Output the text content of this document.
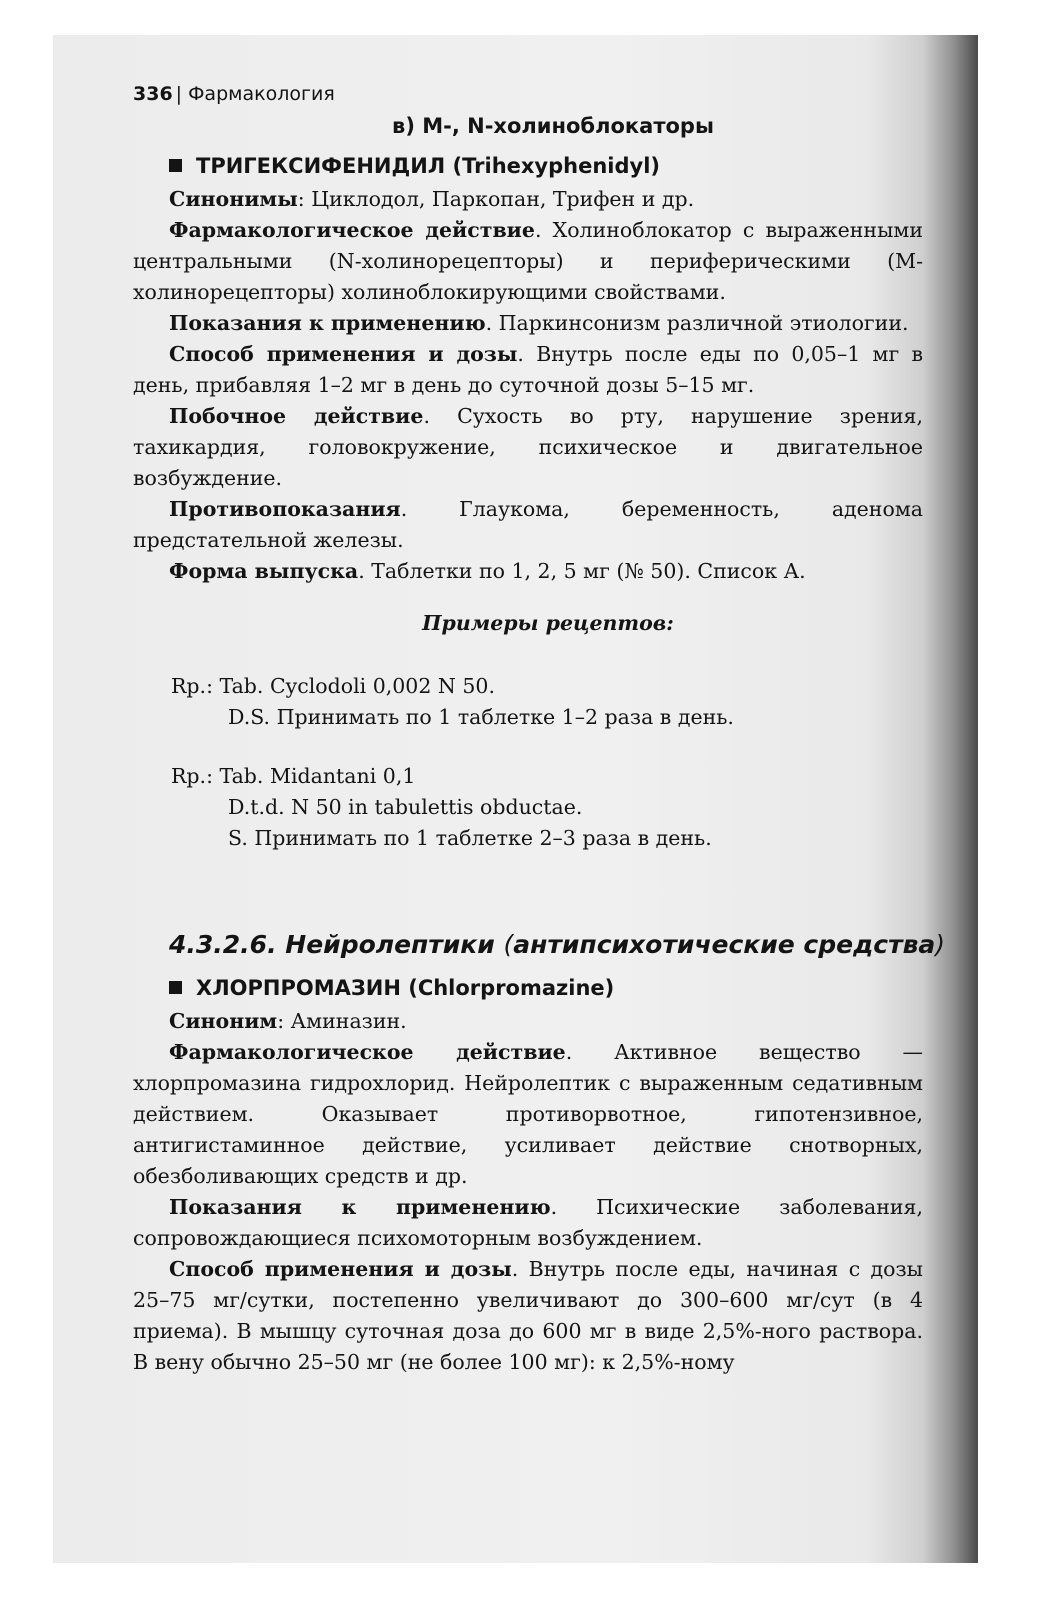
336 | Фармакология
в) М-, N-холиноблокаторы
ТРИГЕКСИФЕНИДИЛ (Trihexyphenidyl)

Синонимы: Циклодол, Паркопан, Трифен и др.

Фармакологическое действие. Холиноблокатор с выраженными центральными (N-холинорецепторы) и периферическими (М-холинорецепторы) холиноблокирующими свойствами.

Показания к применению. Паркинсонизм различной этиологии.

Способ применения и дозы. Внутрь после еды по 0,05–1 мг в день, прибавляя 1–2 мг в день до суточной дозы 5–15 мг.

Побочное действие. Сухость во рту, нарушение зрения, тахикардия, головокружение, психическое и двигательное возбуждение.

Противопоказания. Глаукома, беременность, аденома предстательной железы.

Форма выпуска. Таблетки по 1, 2, 5 мг (№ 50). Список А.

Примеры рецептов:
Rp.: Tab. Cyclodoli 0,002 N 50.
D.S. Принимать по 1 таблетке 1–2 раза в день.
Rp.: Tab. Midantani 0,1
D.t.d. N 50 in tabulettis obductae.
S. Принимать по 1 таблетке 2–3 раза в день.
4.3.2.6. Нейролептики (антипсихотические средства)
ХЛОРПРОМАЗИН (Chlorpromazine)

Синоним: Аминазин.

Фармакологическое действие. Активное вещество — хлорпромазина гидрохлорид. Нейролептик с выраженным седативным действием. Оказывает противорвотное, гипотензивное, антигистаминное действие, усиливает действие снотворных, обезболивающих средств и др.

Показания к применению. Психические заболевания, сопровождающиеся психомоторным возбуждением.

Способ применения и дозы. Внутрь после еды, начиная с дозы 25–75 мг/сутки, постепенно увеличивают до 300–600 мг/сут (в 4 приема). В мышцу суточная доза до 600 мг в виде 2,5%-ного раствора. В вену обычно 25–50 мг (не более 100 мг): к 2,5%-ному
